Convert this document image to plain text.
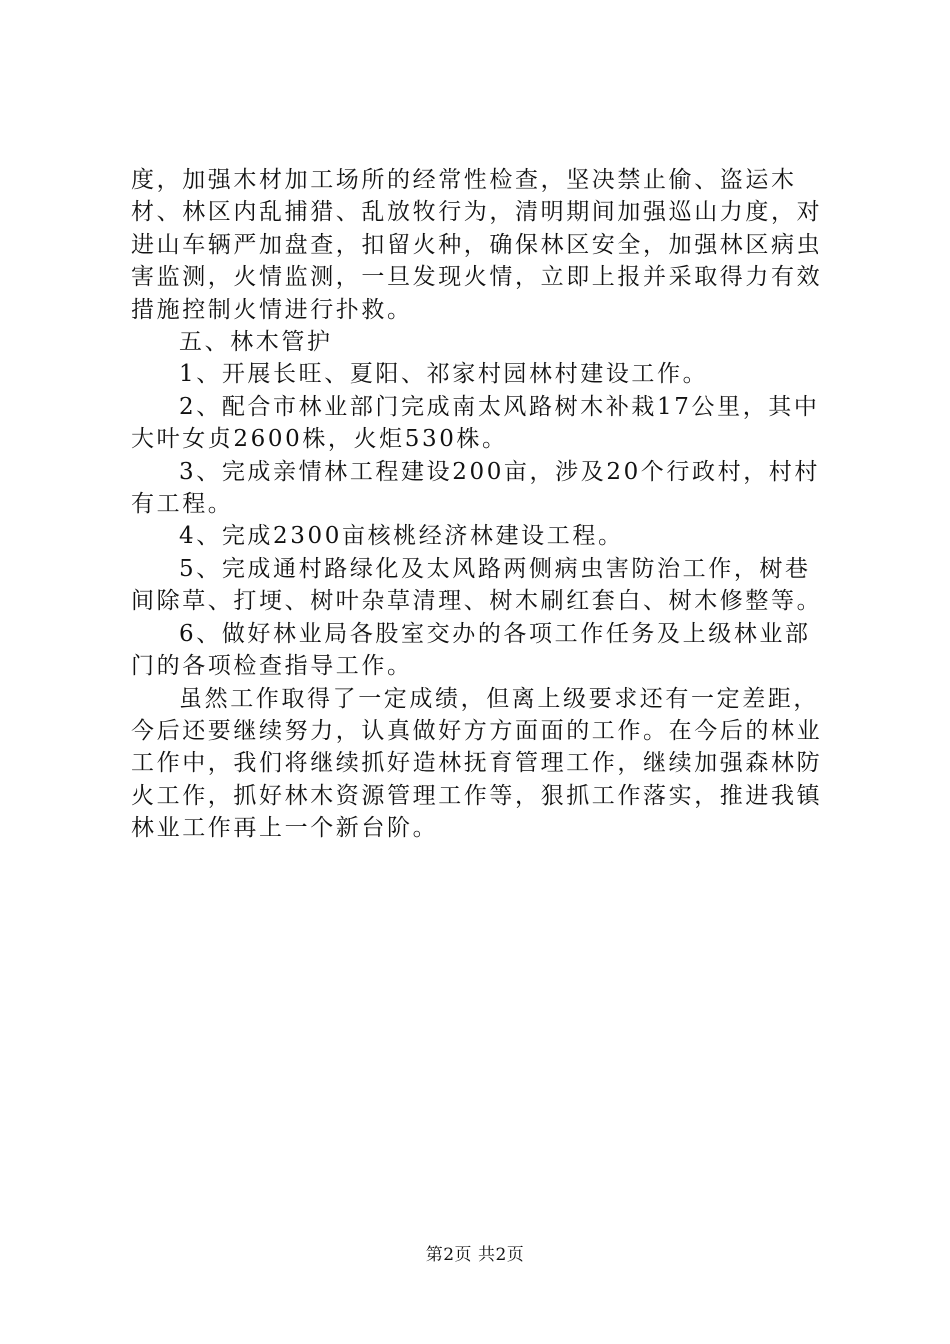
度，加强木材加工场所的经常性检查，坚决禁止偷、盗运木材、林区内乱捕猎、乱放牧行为，清明期间加强巡山力度，对进山车辆严加盘查，扣留火种，确保林区安全，加强林区病虫害监测，火情监测，一旦发现火情，立即上报并采取得力有效措施控制火情进行扑救。

五、林木管护

1、开展长旺、夏阳、祁家村园林村建设工作。

2、配合市林业部门完成南太风路树木补栽17公里，其中大叶女贞2600株，火炬530株。

3、完成亲情林工程建设200亩，涉及20个行政村，村村有工程。

4、完成2300亩核桃经济林建设工程。

5、完成通村路绿化及太风路两侧病虫害防治工作，树巷间除草、打埂、树叶杂草清理、树木刷红套白、树木修整等。

6、做好林业局各股室交办的各项工作任务及上级林业部门的各项检查指导工作。

虽然工作取得了一定成绩，但离上级要求还有一定差距，今后还要继续努力，认真做好方方面面的工作。在今后的林业工作中，我们将继续抓好造林抚育管理工作，继续加强森林防火工作，抓好林木资源管理工作等，狠抓工作落实，推进我镇林业工作再上一个新台阶。

第2页 共2页
